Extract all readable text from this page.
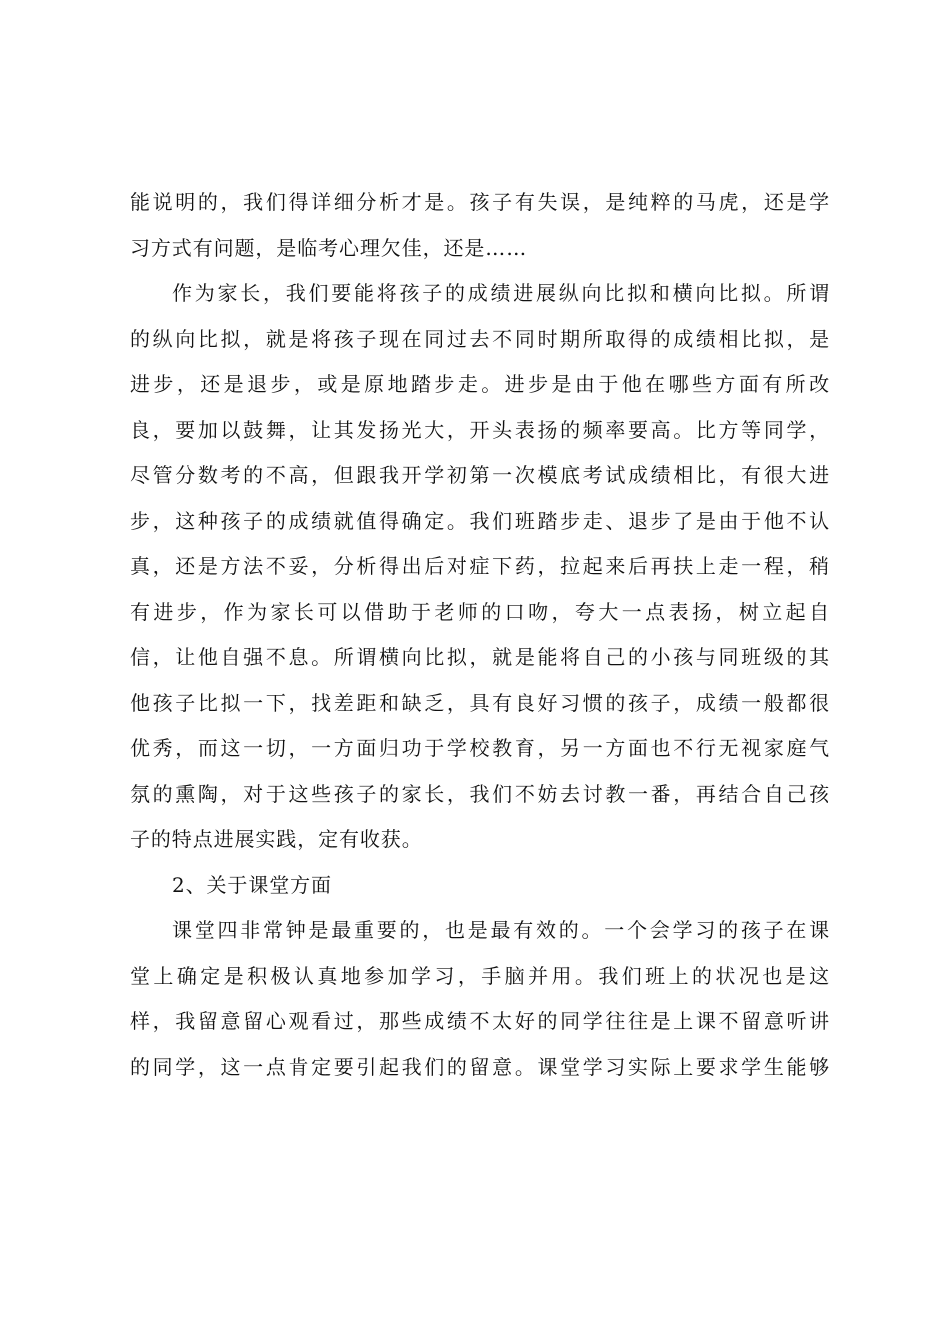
能说明的，我们得详细分析才是。孩子有失误，是纯粹的马虎，还是学
习方式有问题，是临考心理欠佳，还是……
作为家长，我们要能将孩子的成绩进展纵向比拟和横向比拟。所谓
的纵向比拟，就是将孩子现在同过去不同时期所取得的成绩相比拟，是
进步，还是退步，或是原地踏步走。进步是由于他在哪些方面有所改
良，要加以鼓舞，让其发扬光大，开头表扬的频率要高。比方等同学，
尽管分数考的不高，但跟我开学初第一次模底考试成绩相比，有很大进
步，这种孩子的成绩就值得确定。我们班踏步走、退步了是由于他不认
真，还是方法不妥，分析得出后对症下药，拉起来后再扶上走一程，稍
有进步，作为家长可以借助于老师的口吻，夸大一点表扬，树立起自
信，让他自强不息。所谓横向比拟，就是能将自己的小孩与同班级的其
他孩子比拟一下，找差距和缺乏，具有良好习惯的孩子，成绩一般都很
优秀，而这一切，一方面归功于学校教育，另一方面也不行无视家庭气
氛的熏陶，对于这些孩子的家长，我们不妨去讨教一番，再结合自己孩
子的特点进展实践，定有收获。
2、关于课堂方面
课堂四非常钟是最重要的，也是最有效的。一个会学习的孩子在课
堂上确定是积极认真地参加学习，手脑并用。我们班上的状况也是这
样，我留意留心观看过，那些成绩不太好的同学往往是上课不留意听讲
的同学，这一点肯定要引起我们的留意。课堂学习实际上要求学生能够
